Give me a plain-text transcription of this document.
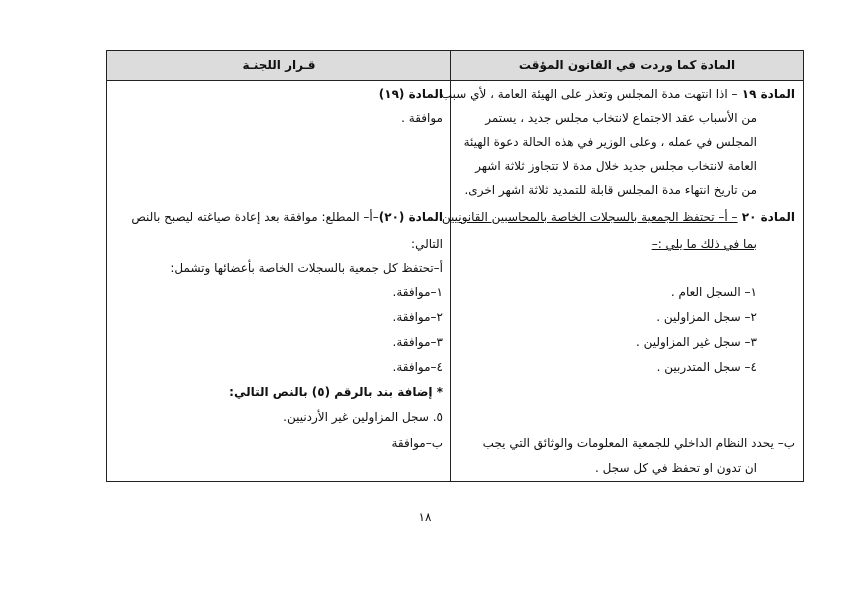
المادة كما وردت في القانون المؤقت
قـرار اللجنـة
المادة ١٩ – اذا انتهت مدة المجلس وتعذر على الهيئة العامة ، لأي سبب
من الأسباب عقد الاجتماع لانتخاب مجلس جديد ، يستمر
المجلس في عمله ، وعلى الوزير في هذه الحالة دعوة الهيئة
العامة لانتخاب مجلس جديد خلال مدة لا تتجاوز ثلاثة اشهر
من تاريخ انتهاء مدة المجلس قابلة للتمديد ثلاثة اشهر اخرى.
المادة ٢٠ – أ– تحتفظ الجمعية بالسجلات الخاصة بالمحاسبين القانونيين
بما في ذلك ما يلي :–
١– السجل العام .
٢– سجل المزاولين .
٣– سجل غير المزاولين .
٤– سجل المتدربين .
ب– يحدد النظام الداخلي للجمعية المعلومات والوثائق التي يجب
ان تدون او تحفظ في كل سجل .
المادة (١٩)
موافقة .
المادة (٢٠)–أ– المطلع: موافقة بعد إعادة صياغته ليصبح بالنص
التالي:
أ–تحتفظ كل جمعية بالسجلات الخاصة بأعضائها وتشمل:
١–موافقة.
٢–موافقة.
٣–موافقة.
٤–موافقة.
* إضافة بند بالرقم (٥) بالنص التالي:
٥. سجل المزاولين غير الأردنيين.
ب–موافقة
١٨
